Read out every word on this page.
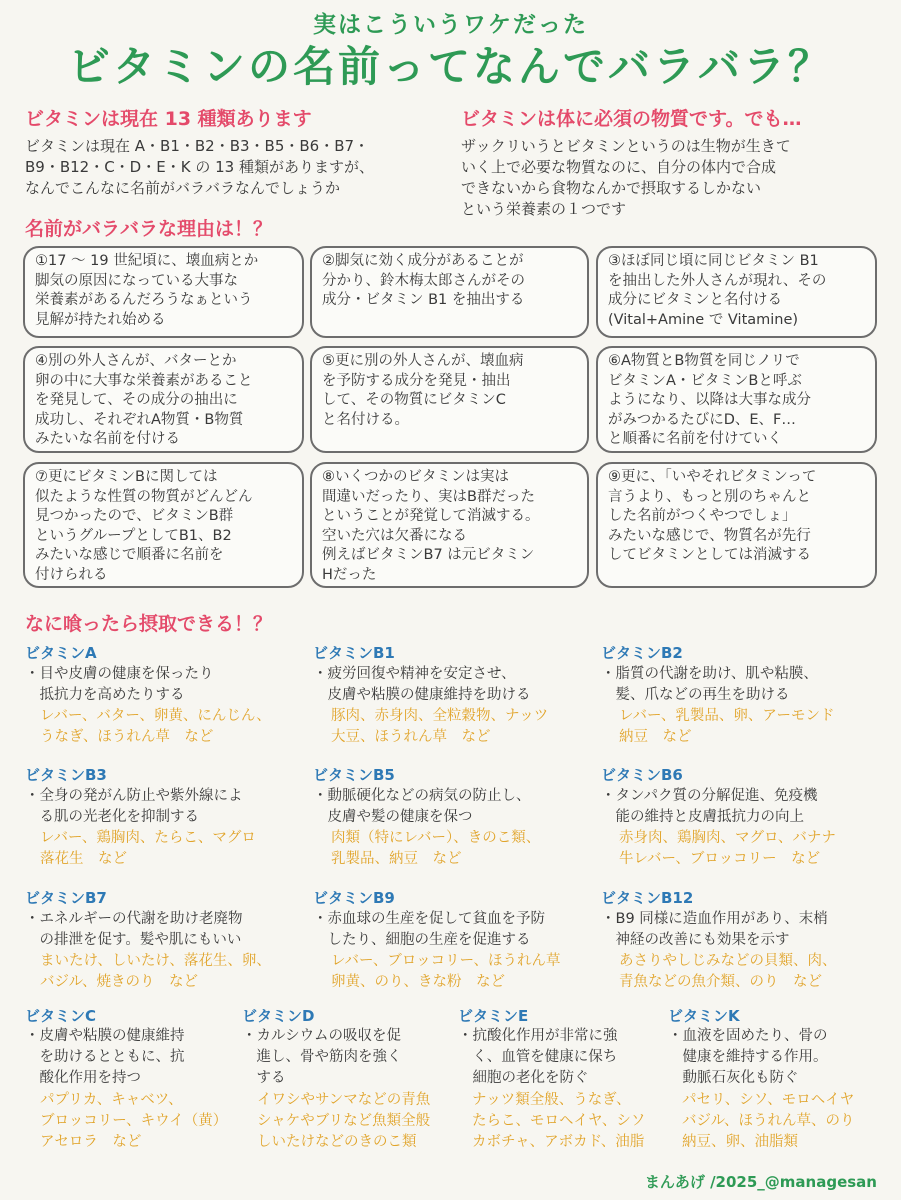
実はこういうワケだった
ビタミンの名前ってなんでバラバラ？
ビタミンは現在 13 種類あります
ビタミンは現在 A・B1・B2・B3・B5・B6・B7・
B9・B12・C・D・E・K の 13 種類がありますが、
なんでこんなに名前がバラバラなんでしょうか
ビタミンは体に必須の物質です。でも…
ザックリいうとビタミンというのは生物が生きて
いく上で必要な物質なのに、自分の体内で合成
できないから食物なんかで摂取するしかない
という栄養素の１つです
名前がバラバラな理由は！？
①17 ～ 19 世紀頃に、壊血病とか
脚気の原因になっている大事な
栄養素があるんだろうなぁという
見解が持たれ始める
②脚気に効く成分があることが
分かり、鈴木梅太郎さんがその
成分・ビタミン B1 を抽出する
③ほぼ同じ頃に同じビタミン B1
を抽出した外人さんが現れ、その
成分にビタミンと名付ける
(Vital+Amine で Vitamine)
④別の外人さんが、バターとか
卵の中に大事な栄養素があること
を発見して、その成分の抽出に
成功し、それぞれA物質・B物質
みたいな名前を付ける
⑤更に別の外人さんが、壊血病
を予防する成分を発見・抽出
して、その物質にビタミンC
と名付ける。
⑥A物質とB物質を同じノリで
ビタミンA・ビタミンBと呼ぶ
ようになり、以降は大事な成分
がみつかるたびにD、E、F…
と順番に名前を付けていく
⑦更にビタミンBに関しては
似たような性質の物質がどんどん
見つかったので、ビタミンB群
というグループとしてB1、B2
みたいな感じで順番に名前を
付けられる
⑧いくつかのビタミンは実は
間違いだったり、実はB群だった
ということが発覚して消滅する。
空いた穴は欠番になる
例えばビタミンB7 は元ビタミン
Hだった
⑨更に、「いやそれビタミンって
言うより、もっと別のちゃんと
した名前がつくやつでしょ」
みたいな感じで、物質名が先行
してビタミンとしては消滅する
なに喰ったら摂取できる！？
ビタミンA
・目や皮膚の健康を保ったり
　抵抗力を高めたりする
レバー、バター、卵黄、にんじん、
うなぎ、ほうれん草　など
ビタミンB1
・疲労回復や精神を安定させ、
　皮膚や粘膜の健康維持を助ける
豚肉、赤身肉、全粒穀物、ナッツ
大豆、ほうれん草　など
ビタミンB2
・脂質の代謝を助け、肌や粘膜、
　髪、爪などの再生を助ける
レバー、乳製品、卵、アーモンド
納豆　など
ビタミンB3
・全身の発がん防止や紫外線によ
　る肌の光老化を抑制する
レバー、鶏胸肉、たらこ、マグロ
落花生　など
ビタミンB5
・動脈硬化などの病気の防止し、
　皮膚や髪の健康を保つ
肉類（特にレバー）、きのこ類、
乳製品、納豆　など
ビタミンB6
・タンパク質の分解促進、免疫機
　能の維持と皮膚抵抗力の向上
赤身肉、鶏胸肉、マグロ、バナナ
牛レバー、ブロッコリー　など
ビタミンB7
・エネルギーの代謝を助け老廃物
　の排泄を促す。髪や肌にもいい
まいたけ、しいたけ、落花生、卵、
バジル、焼きのり　など
ビタミンB9
・赤血球の生産を促して貧血を予防
　したり、細胞の生産を促進する
レバー、ブロッコリー、ほうれん草
卵黄、のり、きな粉　など
ビタミンB12
・B9 同様に造血作用があり、末梢
　神経の改善にも効果を示す
あさりやしじみなどの貝類、肉、
青魚などの魚介類、のり　など
ビタミンC
・皮膚や粘膜の健康維持
　を助けるとともに、抗
　酸化作用を持つ
パプリカ、キャベツ、
ブロッコリー、キウイ（黄）
アセロラ　など
ビタミンD
・カルシウムの吸収を促
　進し、骨や筋肉を強く
　する
イワシやサンマなどの青魚
シャケやブリなど魚類全般
しいたけなどのきのこ類
ビタミンE
・抗酸化作用が非常に強
　く、血管を健康に保ち
　細胞の老化を防ぐ
ナッツ類全般、うなぎ、
たらこ、モロヘイヤ、シソ
カボチャ、アボカド、油脂
ビタミンK
・血液を固めたり、骨の
　健康を維持する作用。
　動脈石灰化も防ぐ
パセリ、シソ、モロヘイヤ
バジル、ほうれん草、のり
納豆、卵、油脂類
まんあげ /2025_@managesan
